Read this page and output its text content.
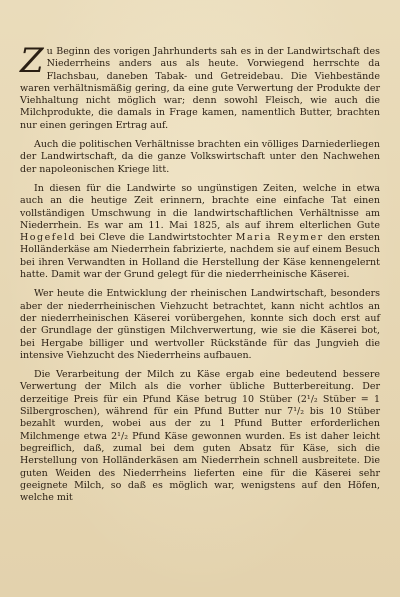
Zu Beginn des vorigen Jahrhunderts sah es in der Landwirtschaft des Niederrheins anders aus als heute. Vorwiegend herrschte da Flachsbau, daneben Tabak- und Getreidebau. Die Viehbestände waren verhältnismäßig gering, da eine gute Verwertung der Produkte der Viehhaltung nicht möglich war; denn sowohl Fleisch, wie auch die Milchprodukte, die damals in Frage kamen, namentlich Butter, brachten nur einen geringen Ertrag auf.

Auch die politischen Verhältnisse brachten ein völliges Darniederliegen der Landwirtschaft, da die ganze Volkswirtschaft unter den Nachwehen der napoleonischen Kriege litt.

In diesen für die Landwirte so ungünstigen Zeiten, welche in etwa auch an die heutige Zeit erinnern, brachte eine einfache Tat einen vollständigen Umschwung in die landwirtschaftlichen Verhältnisse am Niederrhein. Es war am 11. Mai 1825, als auf ihrem elterlichen Gute Hogefeld bei Cleve die Landwirtstochter Maria Reymer den ersten Holländerkäse am Niederrhein fabrizierte, nachdem sie auf einem Besuch bei ihren Verwandten in Holland die Herstellung der Käse kennengelernt hatte. Damit war der Grund gelegt für die niederrheinische Käserei.

Wer heute die Entwicklung der rheinischen Landwirtschaft, besonders aber der niederrheinischen Viehzucht betrachtet, kann nicht achtlos an der niederrheinischen Käserei vorübergehen, konnte sich doch erst auf der Grundlage der günstigen Milchverwertung, wie sie die Käserei bot, bei Hergabe billiger und wertvoller Rückstände für das Jungvieh die intensive Viehzucht des Niederrheins aufbauen.

Die Verarbeitung der Milch zu Käse ergab eine bedeutend bessere Verwertung der Milch als die vorher übliche Butterbereitung. Der derzeitige Preis für ein Pfund Käse betrug 10 Stüber (2¹/₂ Stüber = 1 Silbergroschen), während für ein Pfund Butter nur 7¹/₂ bis 10 Stüber bezahlt wurden, wobei aus der zu 1 Pfund Butter erforderlichen Milchmenge etwa 2¹/₂ Pfund Käse gewonnen wurden. Es ist daher leicht begreiflich, daß, zumal bei dem guten Absatz für Käse, sich die Herstellung von Holländerkäsen am Niederrhein schnell ausbreitete. Die guten Weiden des Niederrheins lieferten eine für die Käserei sehr geeignete Milch, so daß es möglich war, wenigstens auf den Höfen, welche mit
